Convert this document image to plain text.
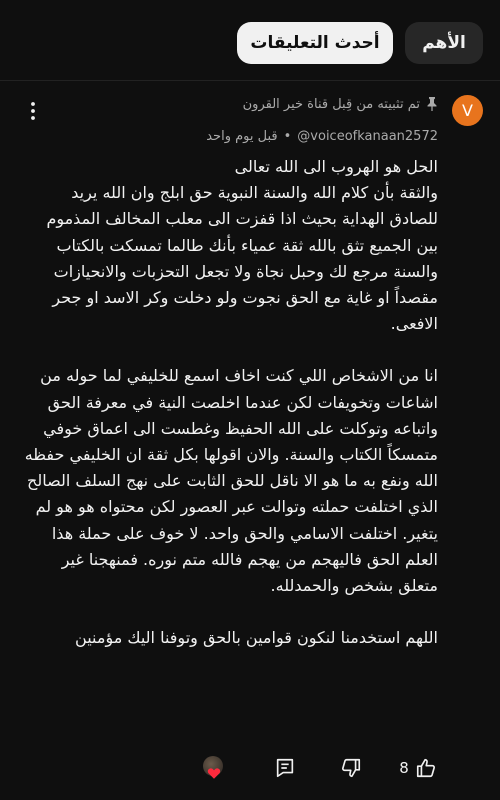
الأهم
أحدث التعليقات
V
تم تثبيته من قِبل قناة خير القرون
@voiceofkanaan2572
•
قبل يوم واحد

الحل هو الهروب الى الله تعالى
والثقة بأن كلام الله والسنة النبوية حق ابلج وان الله يريد للصادق الهداية بحيث اذا قفزت الى معلب المخالف المذموم بين الجميع تثق بالله ثقة عمياء بأنك طالما تمسكت بالكتاب والسنة مرجع لك وحبل نجاة ولا تجعل التحزبات والانحيازات مقصداً او غاية مع الحق نجوت ولو دخلت وكر الاسد او جحر الافعى.

انا من الاشخاص اللي كنت اخاف اسمع للخليفي لما حوله من اشاعات وتخويفات لكن عندما اخلصت النية في معرفة الحق واتباعه وتوكلت على الله الحفيظ وغطست الى اعماق خوفي متمسكاً الكتاب والسنة. والان اقولها بكل ثقة ان الخليفي حفظه الله ونفع به ما هو الا ناقل للحق الثابت على نهج السلف الصالح الذي اختلفت حملته وتوالت عبر العصور لكن محتواه هو هو لم يتغير. اختلفت الاسامي والحق واحد. لا خوف على حملة هذا العلم الحق فاليهجم من يهجم فالله متم نوره. فمنهجنا غير متعلق بشخص والحمدلله.

اللهم استخدمنا لنكون قوامين بالحق وتوفنا اليك مؤمنين

8
